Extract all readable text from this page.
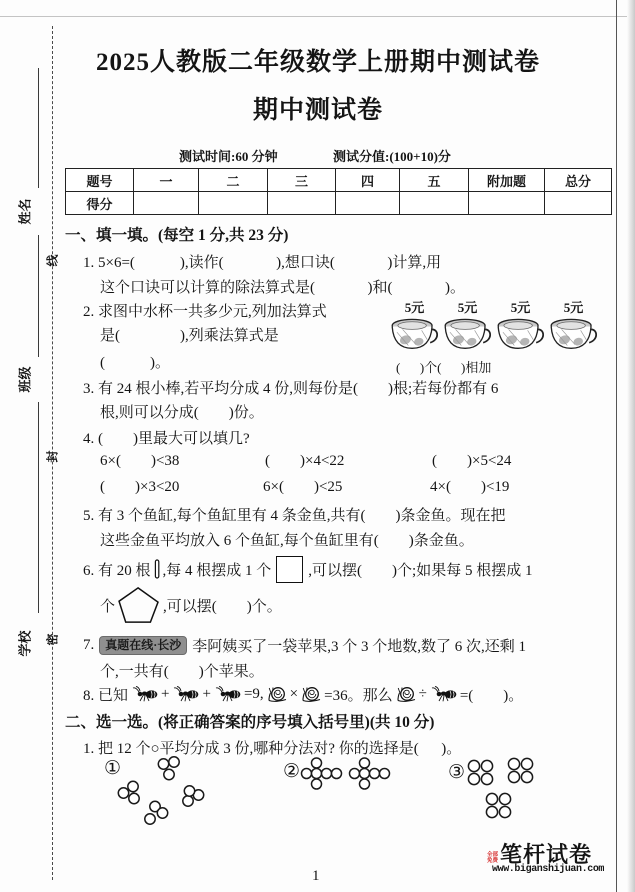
线
封
密
姓名
班级
学校
2025人教版二年级数学上册期中测试卷
期中测试卷
测试时间:60 分钟	测试分值:(100+10)分
题号	一	二	三	四	五	附加题	总分
得分
一、填一填。(每空 1 分,共 23 分)
1. 5×6=(            ),读作(              ),想口诀(              )计算,用
这个口诀可以计算的除法算式是(              )和(              )。
2. 求图中水杯一共多少元,列加法算式
是(                ),列乘法算式是
(            )。
5元	5元	5元	5元
(      )个(      )相加
3. 有 24 根小棒,若平均分成 4 份,则每份是(        )根;若每份都有 6
根,则可以分成(        )份。
4. (        )里最大可以填几?
6×(        )<38	(        )×4<22	(        )×5<24
(        )×3<20	6×(        )<25	4×(        )<19
5. 有 3 个鱼缸,每个鱼缸里有 4 条金鱼,共有(        )条金鱼。现在把
这些金鱼平均放入 6 个鱼缸,每个鱼缸里有(        )条金鱼。
6. 有 20 根 ,每 4 根摆成 1 个 ,可以摆(        )个;如果每 5 根摆成 1
个	,可以摆(        )个。
7. 真题在线·长沙 李阿姨买了一袋苹果,3 个 3 个地数,数了 6 次,还剩 1
个,一共有(        )个苹果。
8. 已知 + + =9, × =36。那么 ÷ =(        )。
二、选一选。(将正确答案的序号填入括号里)(共 10 分)
1. 把 12 个○平均分成 3 份,哪种分法对? 你的选择是(      )。
①	②	③
1
笔杆试卷
全部免费
www.biganshijuan.com
